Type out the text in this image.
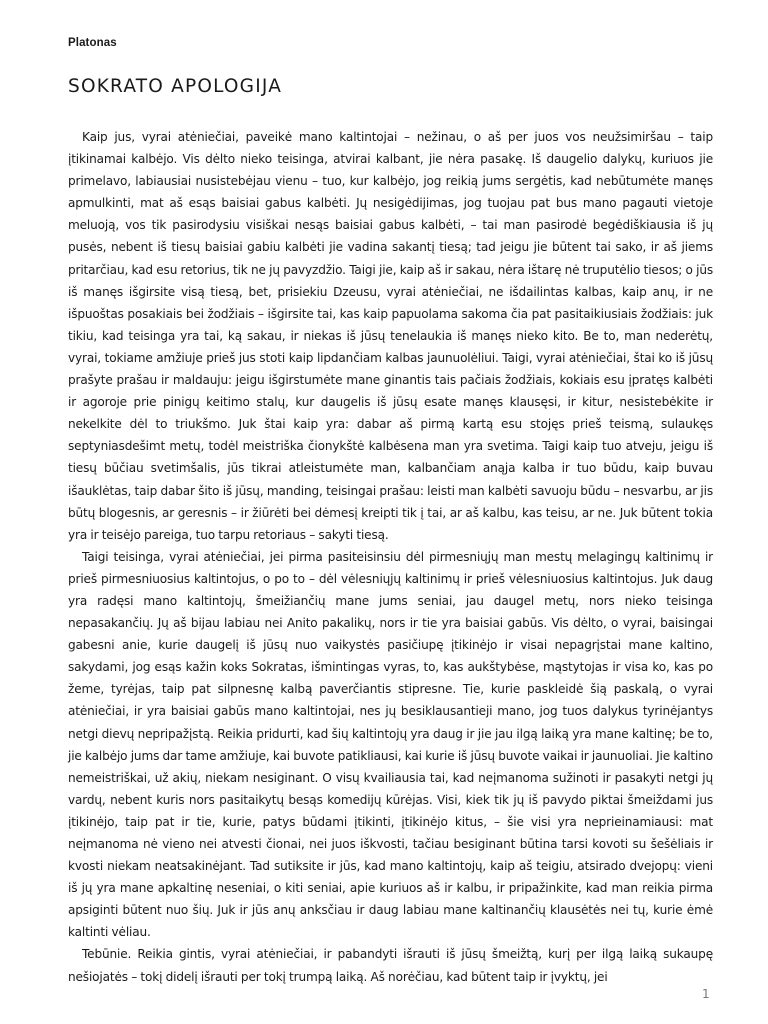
Platonas
SOKRATO APOLOGIJA

Kaip jus, vyrai atėniečiai, paveikė mano kaltintojai – nežinau, o aš per juos vos neužsimiršau – taip įtikinamai kalbėjo. Vis dėlto nieko teisinga, atvirai kalbant, jie nėra pasakę. Iš daugelio dalykų, kuriuos jie primelavo, labiausiai nusistebėjau vienu – tuo, kur kalbėjo, jog reikią jums sergėtis, kad nebūtumėte manęs apmulkinti, mat aš esąs baisiai gabus kalbėti. Jų nesigėdijimas, jog tuojau pat bus mano pagauti vietoje meluoją, vos tik pasirodysiu visiškai nesąs baisiai gabus kalbėti, – tai man pasirodė begėdiškiausia iš jų pusės, nebent iš tiesų baisiai gabiu kalbėti jie vadina sakantį tiesą; tad jeigu jie būtent tai sako, ir aš jiems pritarčiau, kad esu retorius, tik ne jų pavyzdžio. Taigi jie, kaip aš ir sakau, nėra ištarę nė truputėlio tiesos; o jūs iš manęs išgirsite visą tiesą, bet, prisiekiu Dzeusu, vyrai atėniečiai, ne išdailintas kalbas, kaip anų, ir ne išpuoštas posakiais bei žodžiais – išgirsite tai, kas kaip papuolama sakoma čia pat pasitaikiusiais žodžiais: juk tikiu, kad teisinga yra tai, ką sakau, ir niekas iš jūsų tenelaukia iš manęs nieko kito. Be to, man nederėtų, vyrai, tokiame amžiuje prieš jus stoti kaip lipdančiam kalbas jaunuolėliui. Taigi, vyrai atėniečiai, štai ko iš jūsų prašyte prašau ir maldauju: jeigu išgirstumėte mane ginantis tais pačiais žodžiais, kokiais esu įpratęs kalbėti ir agoroje prie pinigų keitimo stalų, kur daugelis iš jūsų esate manęs klausęsi, ir kitur, nesistebėkite ir nekelkite dėl to triukšmo. Juk štai kaip yra: dabar aš pirmą kartą esu stojęs prieš teismą, sulaukęs septyniasdešimt metų, todėl meistriška čionykštė kalbėsena man yra svetima. Taigi kaip tuo atveju, jeigu iš tiesų būčiau svetimšalis, jūs tikrai atleistumėte man, kalbančiam anąja kalba ir tuo būdu, kaip buvau išauklėtas, taip dabar šito iš jūsų, manding, teisingai prašau: leisti man kalbėti savuoju būdu – nesvarbu, ar jis būtų blogesnis, ar geresnis – ir žiūrėti bei dėmesį kreipti tik į tai, ar aš kalbu, kas teisu, ar ne. Juk būtent tokia yra ir teisėjo pareiga, tuo tarpu retoriaus – sakyti tiesą.

Taigi teisinga, vyrai atėniečiai, jei pirma pasiteisinsiu dėl pirmesniųjų man mestų melagingų kaltinimų ir prieš pirmesniuosius kaltintojus, o po to – dėl vėlesniųjų kaltinimų ir prieš vėlesniuosius kaltintojus. Juk daug yra radęsi mano kaltintojų, šmeižiančių mane jums seniai, jau daugel metų, nors nieko teisinga nepasakančių. Jų aš bijau labiau nei Anito pakalikų, nors ir tie yra baisiai gabūs. Vis dėlto, o vyrai, baisingai gabesni anie, kurie daugelį iš jūsų nuo vaikystės pasičiupę įtikinėjo ir visai nepagrįstai mane kaltino, sakydami, jog esąs kažin koks Sokratas, išmintingas vyras, to, kas aukštybėse, mąstytojas ir visa ko, kas po žeme, tyrėjas, taip pat silpnesnę kalbą paverčiantis stipresne. Tie, kurie paskleidė šią paskalą, o vyrai atėniečiai, ir yra baisiai gabūs mano kaltintojai, nes jų besiklausantieji mano, jog tuos dalykus tyrinėjantys netgi dievų nepripažįstą. Reikia pridurti, kad šių kaltintojų yra daug ir jie jau ilgą laiką yra mane kaltinę; be to, jie kalbėjo jums dar tame amžiuje, kai buvote patikliausi, kai kurie iš jūsų buvote vaikai ir jaunuoliai. Jie kaltino nemeistriškai, už akių, niekam nesiginant. O visų kvailiausia tai, kad neįmanoma sužinoti ir pasakyti netgi jų vardų, nebent kuris nors pasitaikytų besąs komedijų kūrėjas. Visi, kiek tik jų iš pavydo piktai šmeiždami jus įtikinėjo, taip pat ir tie, kurie, patys būdami įtikinti, įtikinėjo kitus, – šie visi yra neprieinamiausi: mat neįmanoma nė vieno nei atvesti čionai, nei juos iškvosti, tačiau besiginant būtina tarsi kovoti su šešėliais ir kvosti niekam neatsakinėjant. Tad sutiksite ir jūs, kad mano kaltintojų, kaip aš teigiu, atsirado dvejopų: vieni iš jų yra mane apkaltinę neseniai, o kiti seniai, apie kuriuos aš ir kalbu, ir pripažinkite, kad man reikia pirma apsiginti būtent nuo šių. Juk ir jūs anų anksčiau ir daug labiau mane kaltinančių klausėtės nei tų, kurie ėmė kaltinti vėliau.

Tebūnie. Reikia gintis, vyrai atėniečiai, ir pabandyti išrauti iš jūsų šmeižtą, kurį per ilgą laiką sukaupę nešiojatės – tokį didelį išrauti per tokį trumpą laiką. Aš norėčiau, kad būtent taip ir įvyktų, jei

1
